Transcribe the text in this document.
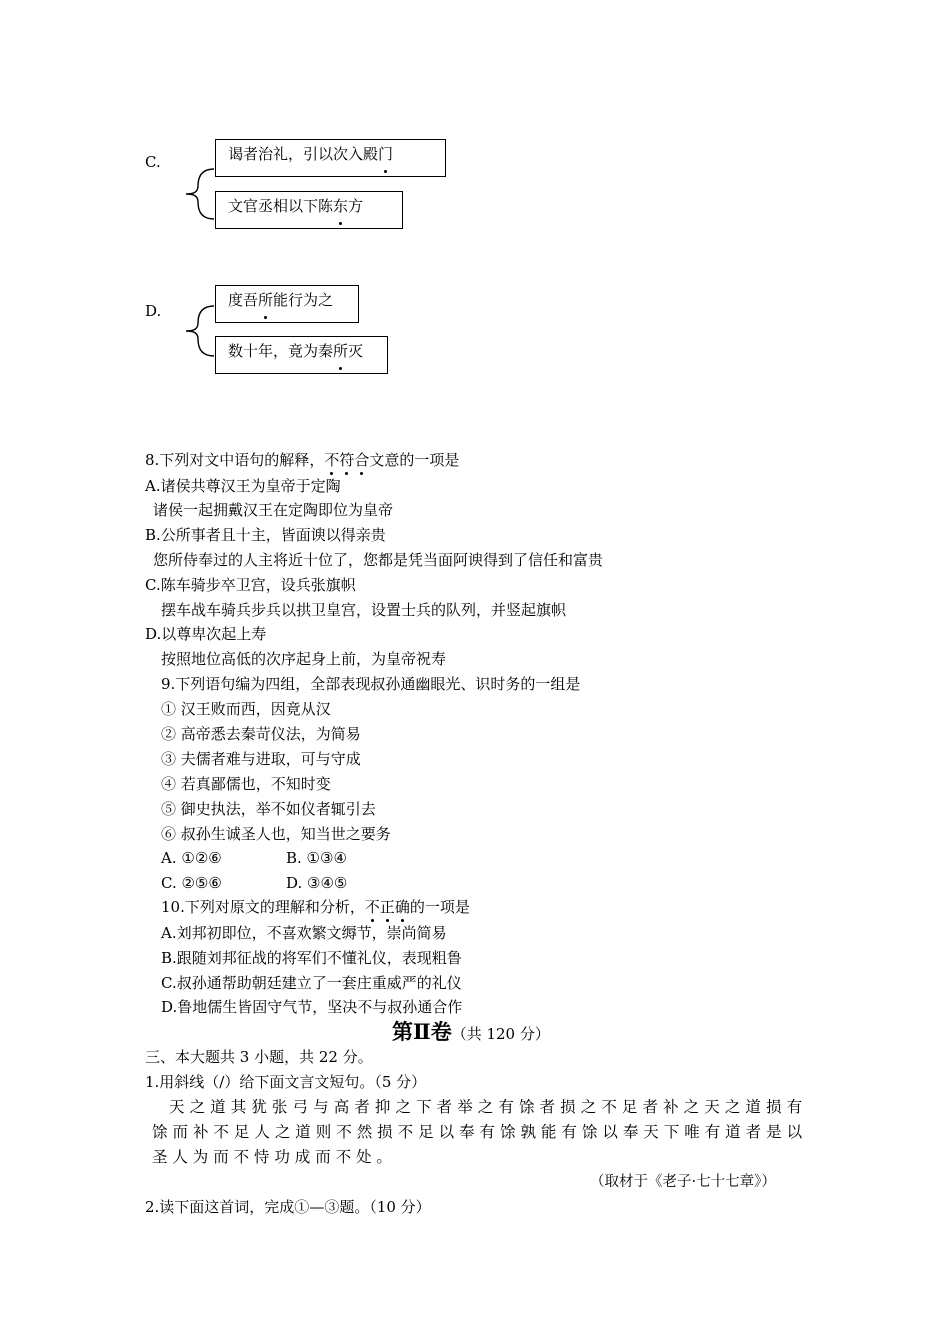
C.	谒者治礼，引以次入殿门
文官丞相以下陈东方
D.
度吾所能行为之
数十年，竟为秦所灭
8.下列对文中语句的解释，不符合文意的一项是
A.诸侯共尊汉王为皇帝于定陶
诸侯一起拥戴汉王在定陶即位为皇帝
B.公所事者且十主，皆面谀以得亲贵
您所侍奉过的人主将近十位了，您都是凭当面阿谀得到了信任和富贵
C.陈车骑步卒卫宫，设兵张旗帜
摆车战车骑兵步兵以拱卫皇宫，设置士兵的队列，并竖起旗帜
D.以尊卑次起上寿
按照地位高低的次序起身上前，为皇帝祝寿
9.下列语句编为四组，全部表现叔孙通幽眼光、识时务的一组是
① 汉王败而西，因竟从汉
② 高帝悉去秦苛仪法，为简易
③ 夫儒者难与进取，可与守成
④ 若真鄙儒也，不知时变
⑤ 御史执法，举不如仪者辄引去
⑥ 叔孙生诚圣人也，知当世之要务
A. ①②⑥	B. ①③④
C. ②⑤⑥	D. ③④⑤
10.下列对原文的理解和分析，不正确的一项是
A.刘邦初即位，不喜欢繁文缛节，崇尚简易
B.跟随刘邦征战的将军们不懂礼仪，表现粗鲁
C.叔孙通帮助朝廷建立了一套庄重威严的礼仪
D.鲁地儒生皆固守气节，坚决不与叔孙通合作
第Ⅱ卷（共 120 分）
三、本大题共 3 小题，共 22 分。
1.用斜线（/）给下面文言文短句。（5 分）
天之道其犹张弓与高者抑之下者举之有馀者损之不足者补之天之道损有馀而补不足人之道则不然损不足以奉有馀孰能有馀以奉天下唯有道者是以圣人为而不恃功成而不处。
（取材于《老子·七十七章》）
2.读下面这首词，完成①—③题。（10 分）
